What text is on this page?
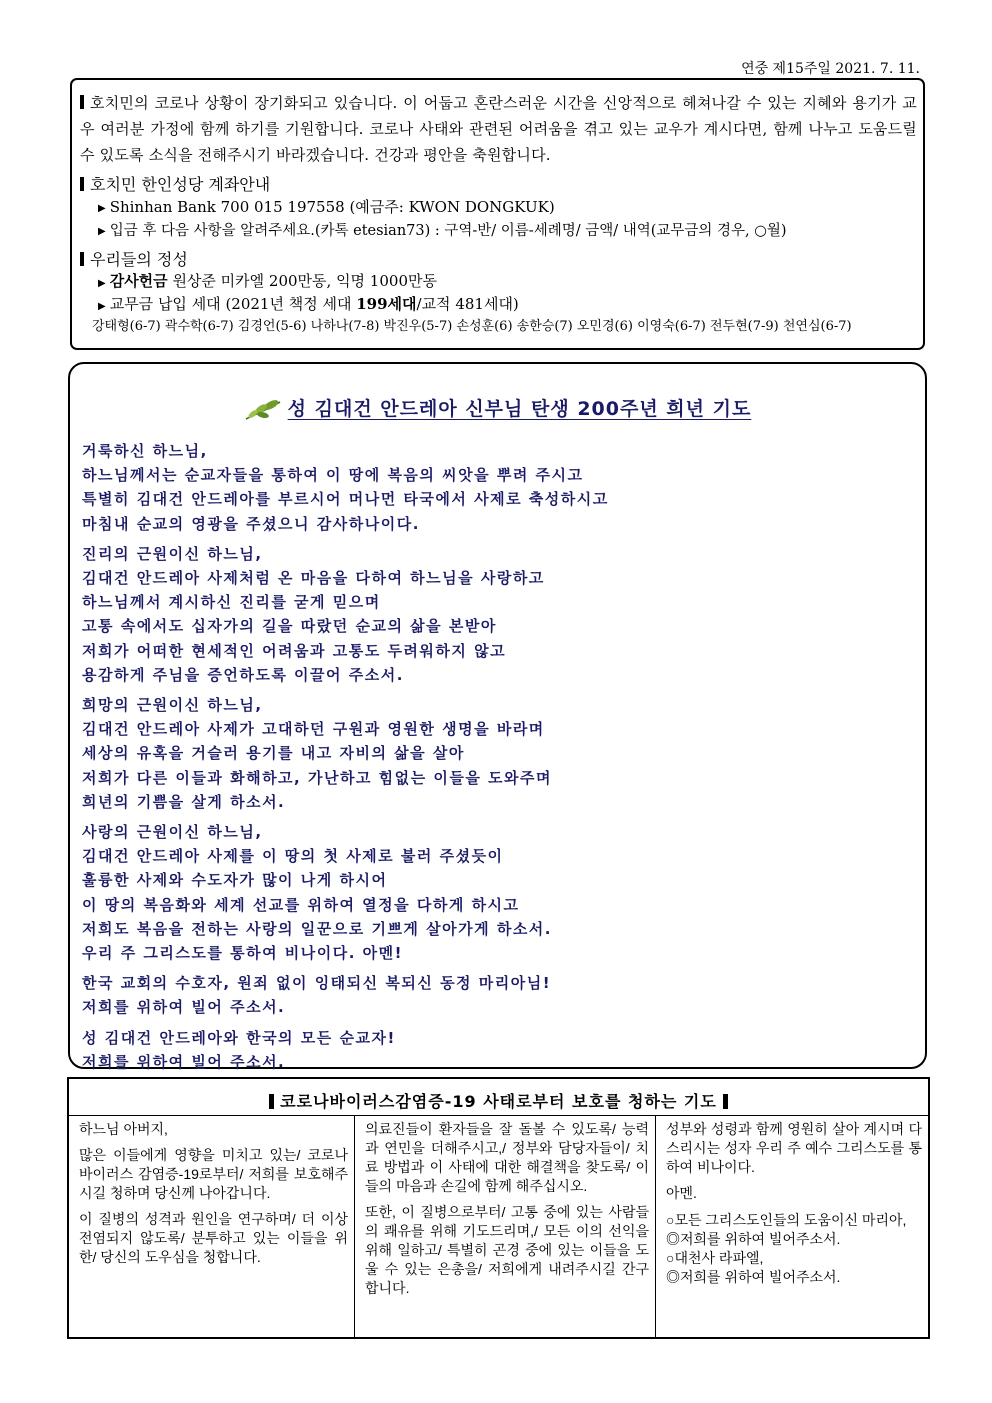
연중 제15주일 2021. 7. 11.
호치민의 코로나 상황이 장기화되고 있습니다. 이 어둡고 혼란스러운 시간을 신앙적으로 헤쳐나갈 수 있는 지혜와 용기가 교우 여러분 가정에 함께 하기를 기원합니다. 코로나 사태와 관련된 어려움을 겪고 있는 교우가 계시다면, 함께 나누고 도움드릴 수 있도록 소식을 전해주시기 바라겠습니다. 건강과 평안을 축원합니다.
호치민 한인성당 계좌안내
▶ Shinhan Bank 700 015 197558 (예금주: KWON DONGKUK)
▶ 입금 후 다음 사항을 알려주세요.(카톡 etesian73) : 구역-반/ 이름-세례명/ 금액/ 내역(교무금의 경우, ○월)
우리들의 정성
▶ 감사헌금 원상준 미카엘 200만동, 익명 1000만동
▶ 교무금 납입 세대 (2021년 책정 세대 199세대/교적 481세대)
강태형(6-7) 곽수학(6-7) 김경언(5-6) 나하나(7-8) 박진우(5-7) 손성훈(6) 송한승(7) 오민경(6) 이영숙(6-7) 전두현(7-9) 천연심(6-7)
성 김대건 안드레아 신부님 탄생 200주년 희년 기도
거룩하신 하느님,
하느님께서는 순교자들을 통하여 이 땅에 복음의 씨앗을 뿌려 주시고
특별히 김대건 안드레아를 부르시어 머나먼 타국에서 사제로 축성하시고
마침내 순교의 영광을 주셨으니 감사하나이다.
진리의 근원이신 하느님,
김대건 안드레아 사제처럼 온 마음을 다하여 하느님을 사랑하고
하느님께서 계시하신 진리를 굳게 믿으며
고통 속에서도 십자가의 길을 따랐던 순교의 삶을 본받아
저희가 어떠한 현세적인 어려움과 고통도 두려워하지 않고
용감하게 주님을 증언하도록 이끌어 주소서.
희망의 근원이신 하느님,
김대건 안드레아 사제가 고대하던 구원과 영원한 생명을 바라며
세상의 유혹을 거슬러 용기를 내고 자비의 삶을 살아
저희가 다른 이들과 화해하고, 가난하고 힘없는 이들을 도와주며
희년의 기쁨을 살게 하소서.
사랑의 근원이신 하느님,
김대건 안드레아 사제를 이 땅의 첫 사제로 불러 주셨듯이
훌륭한 사제와 수도자가 많이 나게 하시어
이 땅의 복음화와 세계 선교를 위하여 열정을 다하게 하시고
저희도 복음을 전하는 사랑의 일꾼으로 기쁘게 살아가게 하소서.
우리 주 그리스도를 통하여 비나이다. 아멘!
한국 교회의 수호자, 원죄 없이 잉태되신 복되신 동정 마리아님!
저희를 위하여 빌어 주소서.
성 김대건 안드레아와 한국의 모든 순교자!
저희를 위하여 빌어 주소서.
코로나바이러스감염증-19 사태로부터 보호를 청하는 기도

하느님 아버지,

많은 이들에게 영향을 미치고 있는/ 코로나 바이러스 감염증-19로부터/ 저희를 보호해주시길 청하며 당신께 나아갑니다.

이 질병의 성격과 원인을 연구하며/ 더 이상 전염되지 않도록/ 분투하고 있는 이들을 위한/ 당신의 도우심을 청합니다.

의료진들이 환자들을 잘 돌볼 수 있도록/ 능력과 연민을 더해주시고,/ 정부와 담당자들이/ 치료 방법과 이 사태에 대한 해결책을 찾도록/ 이들의 마음과 손길에 함께 해주십시오.

또한, 이 질병으로부터/ 고통 중에 있는 사람들의 쾌유를 위해 기도드리며,/ 모든 이의 선익을 위해 일하고/ 특별히 곤경 중에 있는 이들을 도울 수 있는 은총을/ 저희에게 내려주시길 간구합니다.

성부와 성령과 함께 영원히 살아 계시며 다스리시는 성자 우리 주 예수 그리스도를 통하여 비나이다.

아멘.

○모든 그리스도인들의 도움이신 마리아,

◎저희를 위하여 빌어주소서.

○대천사 라파엘,

◎저희를 위하여 빌어주소서.
